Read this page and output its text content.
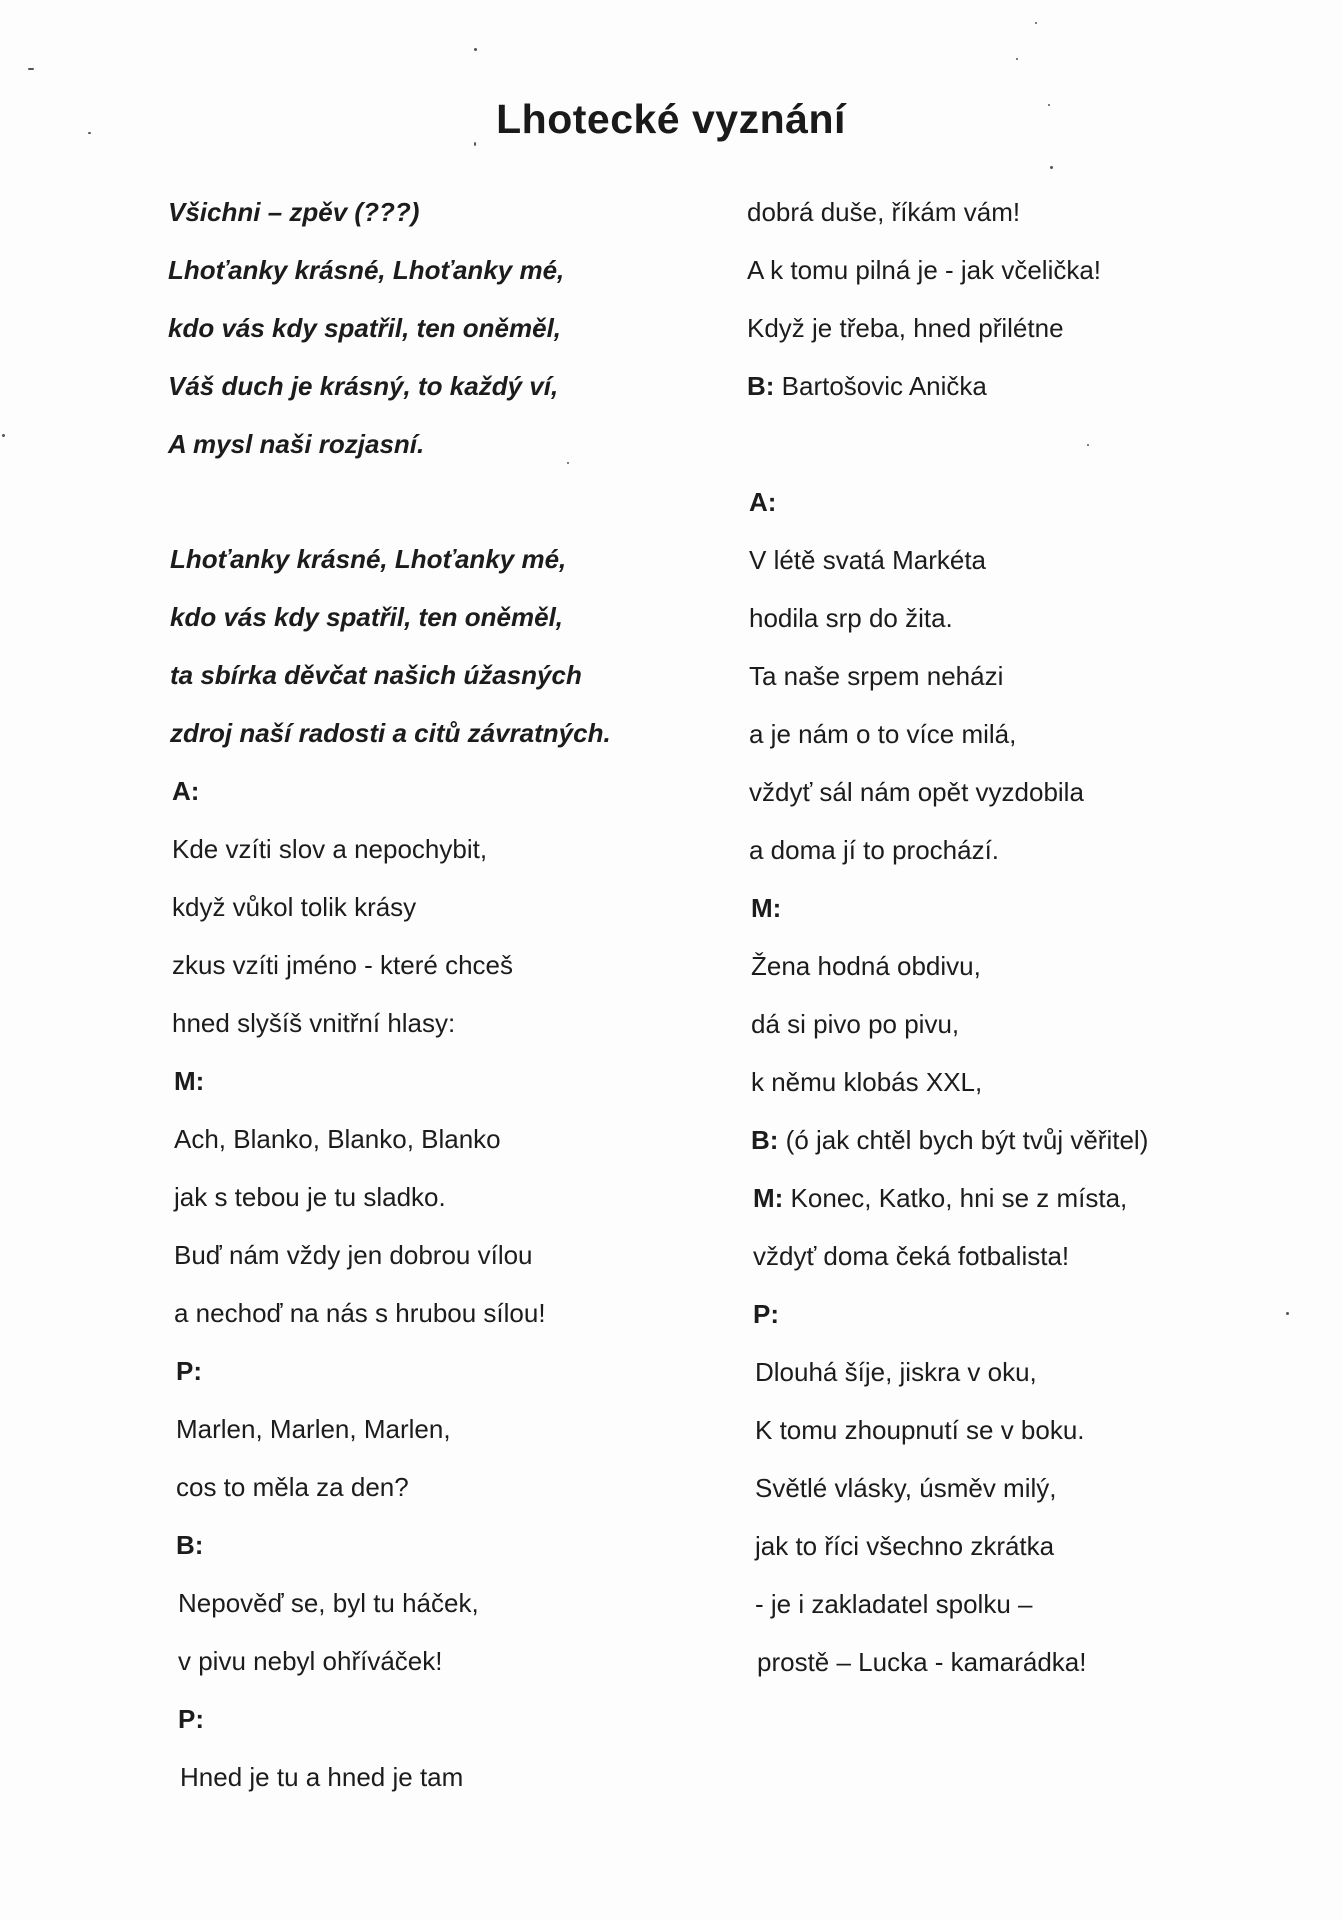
Lhotecké vyznání
Všichni – zpěv (???)
Lhoťanky krásné, Lhoťanky mé,
kdo vás kdy spatřil, ten oněměl,
Váš duch je krásný, to každý ví,
A mysl naši rozjasní.
Lhoťanky krásné, Lhoťanky mé,
kdo vás kdy spatřil, ten oněměl,
ta sbírka děvčat našich úžasných
zdroj naší radosti a citů závratných.
A:
Kde vzíti slov a nepochybit,
když vůkol tolik krásy
zkus vzíti jméno - které chceš
hned slyšíš vnitřní hlasy:
M:
Ach, Blanko, Blanko, Blanko
jak s tebou je tu sladko.
Buď nám vždy jen dobrou vílou
a nechoď na nás s hrubou sílou!
P:
Marlen, Marlen, Marlen,
cos to měla za den?
B:
Nepověď se, byl tu háček,
v pivu nebyl ohříváček!
P:
Hned je tu a hned je tam
dobrá duše, říkám vám!
A k tomu pilná je - jak včelička!
Když je třeba, hned přilétne
B: Bartošovic Anička
A:
V létě svatá Markéta
hodila srp do žita.
Ta naše srpem neházi
a je nám o to více milá,
vždyť sál nám opět vyzdobila
a doma jí to prochází.
M:
Žena hodná obdivu,
dá si pivo po pivu,
k němu klobás XXL,
B: (ó jak chtěl bych být tvůj věřitel)
M: Konec, Katko, hni se z místa,
vždyť doma čeká fotbalista!
P:
Dlouhá šíje, jiskra v oku,
K tomu zhoupnutí se v boku.
Světlé vlásky, úsměv milý,
jak to říci všechno zkrátka
- je i zakladatel spolku –
prostě – Lucka - kamarádka!
